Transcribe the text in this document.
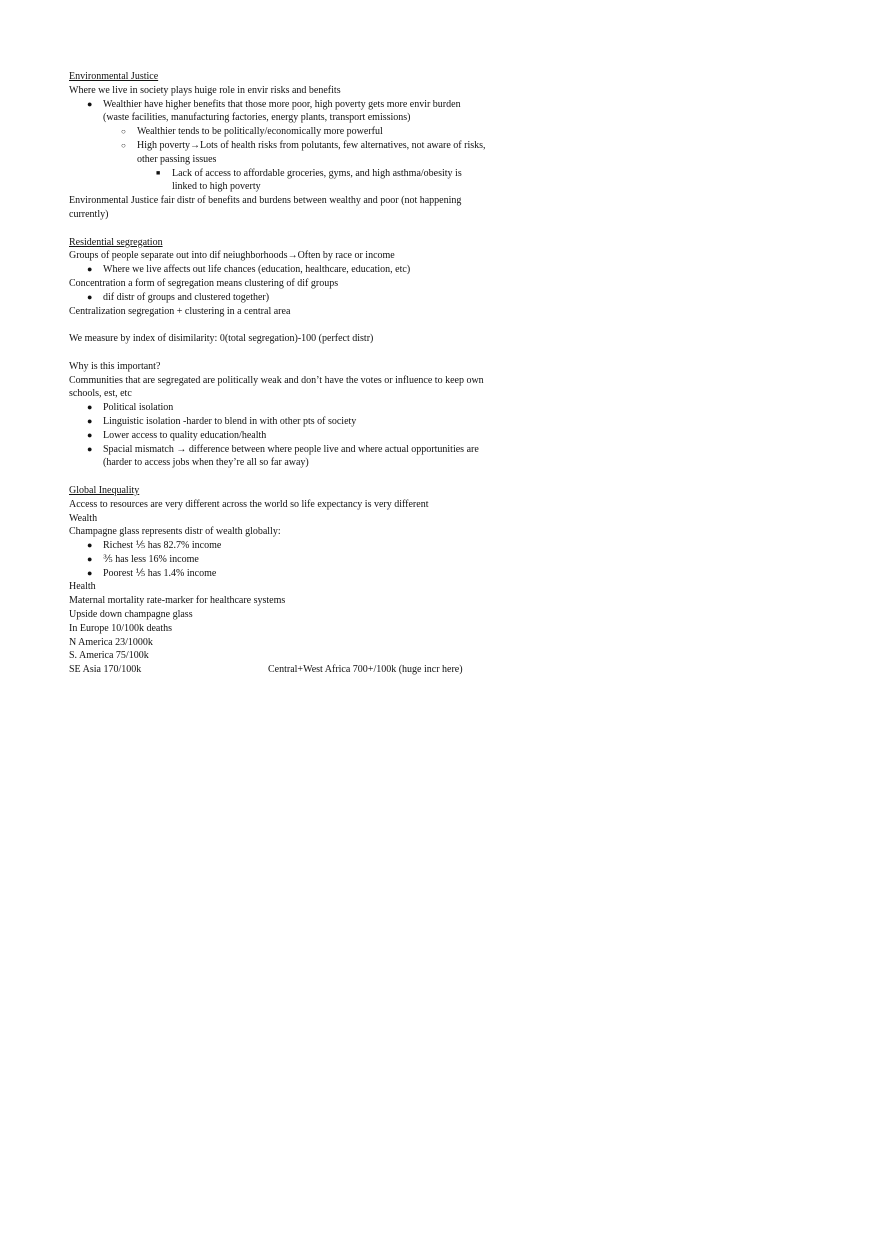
Environmental Justice

Where we live in society plays huige role in envir risks and benefits

● Wealthier have higher benefits that those more poor, high poverty gets more envir burden (waste facilities, manufacturing factories, energy plants, transport emissions)
○ Wealthier tends to be politically/economically more powerful
○ High poverty→Lots of health risks from polutants, few alternatives, not aware of risks, other passing issues
■ Lack of access to affordable groceries, gyms, and high asthma/obesity is linked to high poverty

Environmental Justice fair distr of benefits and burdens between wealthy and poor (not happening currently)

Residential segregation

Groups of people separate out into dif neiughborhoods→Often by race or income

● Where we live affects out life chances (education, healthcare, education, etc)

Concentration a form of segregation means clustering of dif groups

● dif distr of groups and clustered together)

Centralization segregation + clustering in a central area

We measure by index of disimilarity: 0(total segregation)-100 (perfect distr)

Why is this important?

Communities that are segregated are politically weak and don’t have the votes or influence to keep own schools, est, etc

● Political isolation
● Linguistic isolation -harder to blend in with other pts of society
● Lower access to quality education/health
● Spacial mismatch → difference between where people live and where actual opportunities are (harder to access jobs when they’re all so far away)

Global Inequality

Access to resources are very different across the world so life expectancy is very different

Wealth

Champagne glass represents distr of wealth globally:

● Richest ⅕ has 82.7% income
● ⅗ has less 16% income
● Poorest ⅕ has 1.4% income

Health

Maternal mortality rate-marker for healthcare systems

Upside down champagne glass

In Europe 10/100k deaths

N America 23/1000k

S. America 75/100k

SE Asia 170/100k	Central+West Africa 700+/100k (huge incr here)
